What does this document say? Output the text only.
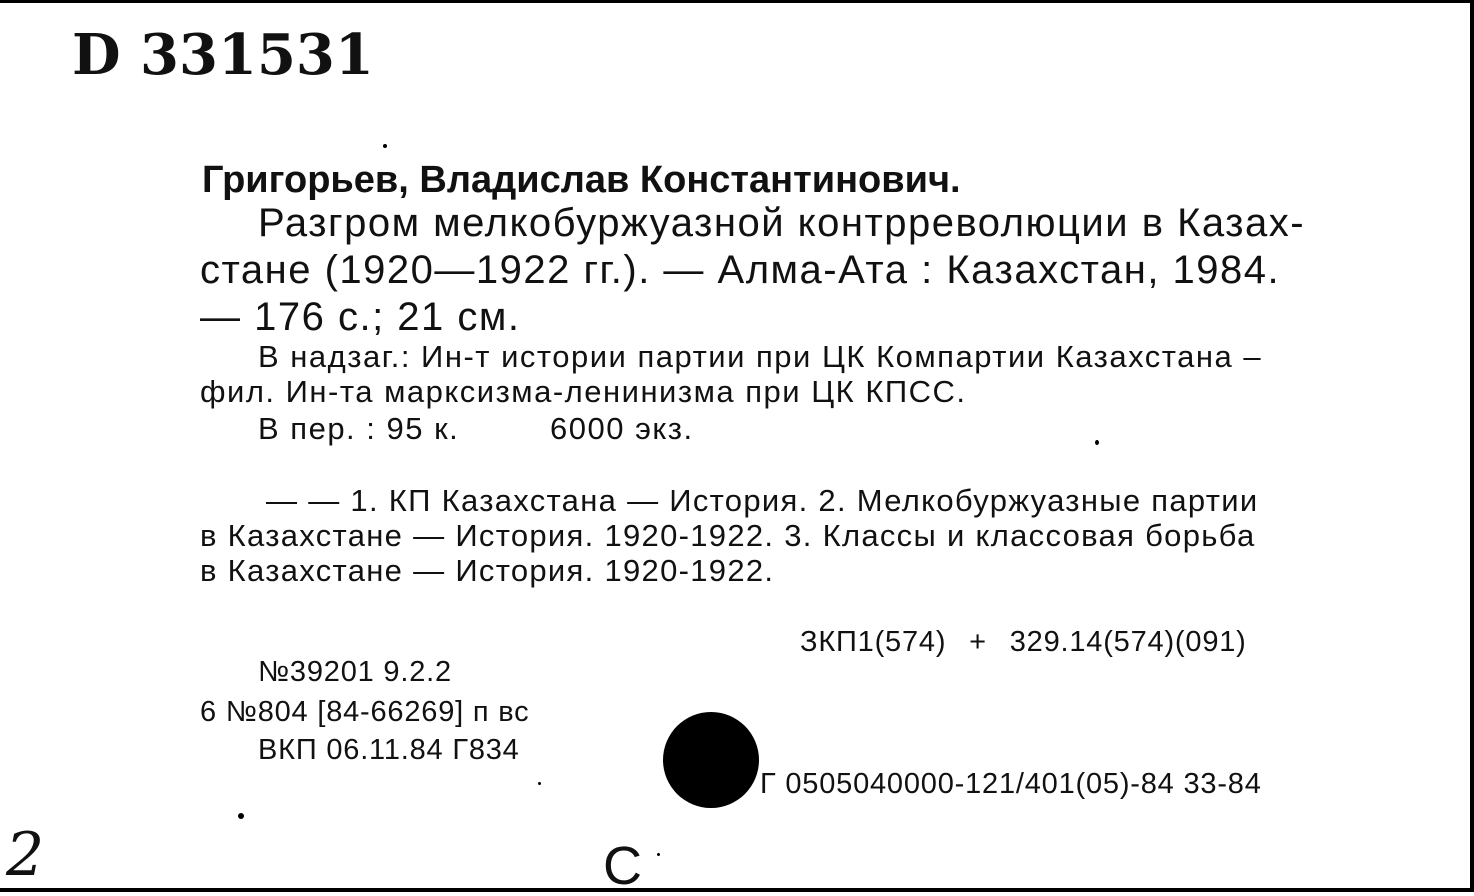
D 331531
Григорьев, Владислав Константинович.
Разгром мелкобуржуазной контрреволюции в Казах-
стане (1920—1922 гг.). — Алма-Ата : Казахстан, 1984.
— 176 с.; 21 см.
В надзаг.: Ин-т истории партии при ЦК Компартии Казахстана –
фил. Ин-та марксизма-ленинизма при ЦК КПСС.
В пер. : 95 к.	6000 экз.
— — 1. КП Казахстана — История. 2. Мелкобуржуазные партии
в Казахстане — История. 1920-1922. 3. Классы и классовая борьба
в Казахстане — История. 1920-1922.
ЗКП1(574) + 329.14(574)(091)
№39201 9.2.2
6 №804 [84-66269] п вс
ВКП 06.11.84 Г834
Г 0505040000-121/401(05)-84 33-84
2	С
